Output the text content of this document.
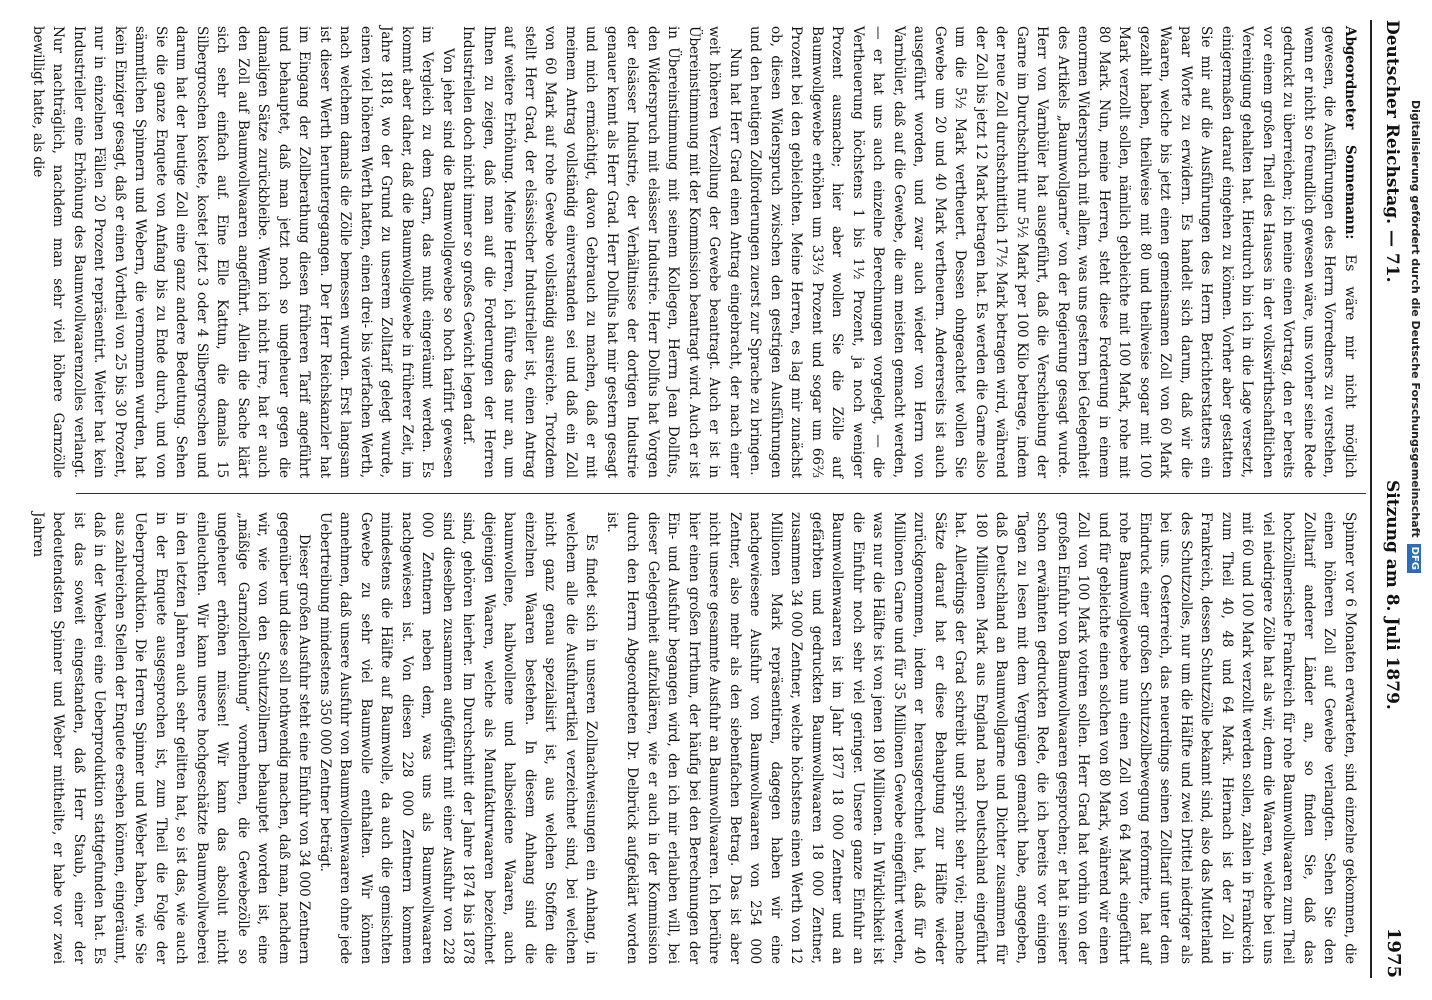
Deutscher Reichstag. — 71.
Sitzung am 8. Juli 1879.
1975

Abgeordneter Sonnemann: Es wäre mir nicht möglich gewesen, die Ausführungen des Herrn Vorredners zu verstehen, wenn er nicht so freundlich gewesen wäre, uns vorher seine Rede gedruckt zu überreichen; ich meine einen Vortrag, den er bereits vor einem großen Theil des Hauses in der volkswirthschaftlichen Vereinigung gehalten hat. Hierdurch bin ich in die Lage versetzt, einigermaßen darauf eingehen zu können. Vorher aber gestatten Sie mir auf die Ausführungen des Herrn Berichterstatters ein paar Worte zu erwidern. Es handelt sich darum, daß wir die Waaren, welche bis jetzt einen gemeinsamen Zoll von 60 Mark gezahlt haben, theilweise mit 80 und theilweise sogar mit 100 Mark verzollt sollen, nämlich gebleichte mit 100 Mark, rohe mit 80 Mark. Nun, meine Herren, steht diese Forderung in einem enormen Widerspruch mit allem, was uns gestern bei Gelegenheit des Artikels „Baumwollgarne“ von der Regierung gesagt wurde. Herr von Varnbüler hat ausgeführt, daß die Verschiebung der Garne im Durchschnitt nur 5½ Mark per 100 Kilo betrage, indem der neue Zoll durchschnittlich 17½ Mark betragen wird, während der Zoll bis jetzt 12 Mark betragen hat. Es werden die Garne also um die 5½ Mark vertheuert. Dessen ohngeachtet wollen Sie Gewebe um 20 und 40 Mark vertheuern. Andererseits ist auch ausgeführt worden, und zwar auch wieder von Herrn von Varnbüler, daß auf die Gewebe, die am meisten gemacht werden, — er hat uns auch einzelne Berechnungen vorgelegt, — die Vertheuerung höchstens 1 bis 1½ Prozent, ja noch weniger Prozent ausmache; hier aber wollen Sie die Zölle auf Baumwollgewebe erhöhen um 33⅓ Prozent und sogar um 66⅔ Prozent bei den gebleichten. Meine Herren, es lag mir zunächst ob, diesen Widerspruch zwischen den gestrigen Ausführungen und den heutigen Zollforderungen zuerst zur Sprache zu bringen.

Nun hat Herr Grad einen Antrag eingebracht, der nach einer weit höheren Verzollung der Gewebe beantragt. Auch er ist in Übereinstimmung mit der Kommission beantragt wird. Auch er ist in Übereinstimmung mit seinem Kollegen, Herrn Jean Dollfus, den Widerspruch mit elsässer Industrie. Herr Dollfus hat Vorgen der elsässer Industrie, der Verhältnisse der dortigen Industrie genauer kennt als Herr Grad. Herr Dollfus hat mir gestern gesagt und mich ermächtigt, davon Gebrauch zu machen, daß er mit meinem Antrag vollständig einverstanden sei und daß ein Zoll von 60 Mark auf rohe Gewebe vollständig ausreiche. Trotzdem stellt Herr Grad, der elsässischer Industrieller ist, einen Antrag auf weitere Erhöhung. Meine Herren, ich führe das nur an, um Ihnen zu zeigen, daß man auf die Forderungen der Herren Industriellen doch nicht immer so großes Gewicht legen darf.

Von jeher sind die Baumwollgewebe so hoch tarifirt gewesen im Vergleich zu dem Garn, das mußt eingeräumt werden. Es kommt aber daher, daß die Baumwollgewebe in früherer Zeit, im Jahre 1818, wo der Grund zu unserem Zolltarif gelegt wurde, einen viel höheren Werth hatten, einen drei- bis vierfachen Werth, nach welchem damals die Zölle bemessen wurden. Erst langsam ist dieser Werth heruntergegangen. Der Herr Reichskanzler hat im Eingang der Zollberathung diesen früheren Tarif angeführt und behauptet, daß man jetzt noch so ungeheuer gegen die damaligen Sätze zurückbleibe. Wenn ich nicht irre, hat er auch den Zoll auf Baumwollwaaren angeführt. Allein die Sache klärt sich sehr einfach auf. Eine Elle Kattun, die damals 15 Silbergroschen kostete, kostet jetzt 3 oder 4 Silbergroschen und darum hat der heutige Zoll eine ganz andere Bedeutung. Sehen Sie die ganze Enquete von Anfang bis zu Ende durch, und von sämmtlichen Spinnern und Webern, die vernommen wurden, hat kein Einziger gesagt, daß er einen Vortheil von 25 bis 30 Prozent, nur in einzelnen Fällen 20 Prozent repräsentirt. Weiter hat kein Industrieller eine Erhöhung des Baumwollwaarenzolles verlangt. Nur nachträglich, nachdem man sehr viel höhere Garnzölle bewilligt hatte, als die

Spinner vor 6 Monaten erwarteten, sind einzelne gekommen, die einen höheren Zoll auf Gewebe verlangten. Sehen Sie den Zolltarif anderer Länder an, so finden Sie, daß das hochzöllnerische Frankreich für rohe Baumwollwaaren zum Theil viel niedrigere Zölle hat als wir, denn die Waaren, welche bei uns mit 60 und 100 Mark verzollt werden sollen, zahlen in Frankreich zum Theil 40, 48 und 64 Mark. Hiernach ist der Zoll in Frankreich, dessen Schutzzölle bekannt sind, also das Mutterland des Schutzzolles, nur um die Hälfte und zwei Drittel niedriger als bei uns. Oesterreich, das neuerdings seinen Zolltarif unter dem Eindruck einer großen Schutzzollbewegung reformirte, hat auf rohe Baumwollgewebe nun einen Zoll von 64 Mark eingeführt und für gebleichte einen solchen von 80 Mark, während wir einen Zoll von 100 Mark votiren sollen. Herr Grad hat vorhin von der großen Einfuhr von Baumwollwaaren gesprochen; er hat in seiner schon erwähnten gedruckten Rede, die ich bereits vor einigen Tagen zu lesen mit dem Vergnügen gemacht habe, angegeben, daß Deutschland an Baumwollgarne und Dichter zusammen für 180 Millionen Mark aus England nach Deutschland eingeführt hat. Allerdings der Grad schreibt und spricht sehr viel; manche Sätze darauf hat er diese Behauptung zur Hälfte wieder zurückgenommen, indem er herausgerechnet hat, daß für 40 Millionen Garne und für 35 Millionen Gewebe eingeführt werden, was nur die Hälfte ist von jenen 180 Millionen. In Wirklichkeit ist die Einfuhr noch sehr viel geringer. Unsere ganze Einfuhr an Baumwollenwaaren ist im Jahr 1877 18 000 Zentner und an gefärbten und gedruckten Baumwollwaaren 18 000 Zentner, zusammen 34 000 Zentner, welche höchstens einen Werth von 12 Millionen Mark repräsentiren, dagegen haben wir eine nachgewiesene Ausfuhr von Baumwollwaaren von 254 000 Zentner, also mehr als den siebenfachen Betrag. Das ist aber nicht unsere gesammte Ausfuhr an Baumwollwaaren. Ich berühre hier einen großen Irrthum, der häufig bei den Berechnungen der Ein- und Ausfuhr begangen wird, den ich mir erlauben will, bei dieser Gelegenheit aufzuklären, wie er auch in der Kommission durch den Herrn Abgeordneten Dr. Delbrück aufgeklärt worden ist.

Es findet sich in unseren Zollnachweisungen ein Anhang, in welchem alle die Ausfuhrartikel verzeichnet sind, bei welchen nicht ganz genau spezialisirt ist, aus welchen Stoffen die einzelnen Waaren bestehen. In diesem Anhang sind die baumwollene, halbwollene und halbseidene Waaren, auch diejenigen Waaren, welche als Manufakturwaaren bezeichnet sind, gehören hierher. Im Durchschnitt der Jahre 1874 bis 1878 sind dieselben zusammen aufgeführt mit einer Ausfuhr von 228 000 Zentnern neben dem, was uns als Baumwollwaaren nachgewiesen ist. Von diesen 228 000 Zentnern kommen mindestens die Hälfte auf Baumwolle, da auch die gemischten Gewebe zu sehr viel Baumwolle enthalten. Wir können annehmen, daß unsere Ausfuhr von Baumwollenwaaren ohne jede Uebertreibung mindestens 350 000 Zentner beträgt.

Dieser großen Ausfuhr steht eine Einfuhr von 34 000 Zentnern gegenüber und diese soll nothwendig machen, daß man, nachdem wir, wie von den Schutzzöllnern behauptet worden ist, eine „mäßige Garnzollerhöhung“ vornehmen, die Gewebezölle so ungeheuer erhöhen müssen! Wir kann das absolut nicht einleuchten. Wir kann unsere hochgeschätzte Baumwollweberei in den letzten Jahren auch sehr gelitten hat, so ist das, wie auch in der Enquete ausgesprochen ist, zum Theil die Folge der Ueberproduktion. Die Herren Spinner und Weber haben, wie Sie aus zahlreichen Stellen der Enquete ersehen können, eingeräumt, daß in der Weberei eine Ueberproduktion stattgefunden hat. Es ist das soweit eingestanden, daß Herr Staub, einer der bedeutendsten Spinner und Weber mittheilte, er habe vor zwei Jahren	Digitalisierung gefördert durch die Deutsche ForschungsgemeinschaftDFG
